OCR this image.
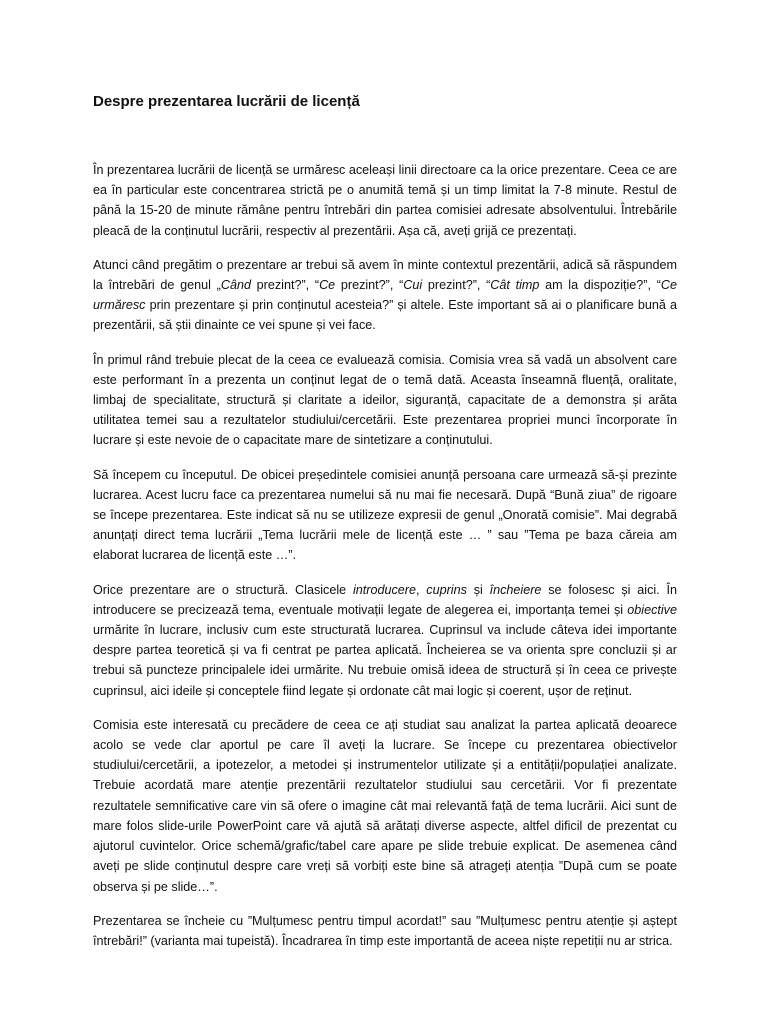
Despre prezentarea lucrării de licență

În prezentarea lucrării de licență se urmăresc aceleași linii directoare ca la orice prezentare. Ceea ce are ea în particular este concentrarea strictă pe o anumită temă și un timp limitat la 7-8 minute. Restul de până la 15-20 de minute rămâne pentru întrebări din partea comisiei adresate absolventului. Întrebările pleacă de la conținutul lucrării, respectiv al prezentării. Așa că, aveți grijă ce prezentați.

Atunci când pregătim o prezentare ar trebui să avem în minte contextul prezentării, adică să răspundem la întrebări de genul „Când prezint?”, “Ce prezint?”, “Cui prezint?”, “Cât timp am la dispoziție?”, “Ce urmăresc prin prezentare și prin conținutul acesteia?” și altele. Este important să ai o planificare bună a prezentării, să știi dinainte ce vei spune și vei face.

În primul rând trebuie plecat de la ceea ce evaluează comisia. Comisia vrea să vadă un absolvent care este performant în a prezenta un conținut legat de o temă dată. Aceasta înseamnă fluență, oralitate, limbaj de specialitate, structură și claritate a ideilor, siguranță, capacitate de a demonstra și arăta utilitatea temei sau a rezultatelor studiului/cercetării. Este prezentarea propriei munci încorporate în lucrare și este nevoie de o capacitate mare de sintetizare a conținutului.

Să începem cu începutul. De obicei președintele comisiei anunță persoana care urmează să-și prezinte lucrarea. Acest lucru face ca prezentarea numelui să nu mai fie necesară. După “Bună ziua” de rigoare se începe prezentarea. Este indicat să nu se utilizeze expresii de genul „Onorată comisie”. Mai degrabă anunțați direct tema lucrării „Tema lucrării mele de licență este … ” sau ”Tema pe baza căreia am elaborat lucrarea de licență este …”.

Orice prezentare are o structură. Clasicele introducere, cuprins și încheiere se folosesc și aici. În introducere se precizează tema, eventuale motivații legate de alegerea ei, importanța temei și obiective urmărite în lucrare, inclusiv cum este structurată lucrarea. Cuprinsul va include câteva idei importante despre partea teoretică și va fi centrat pe partea aplicată. Încheierea se va orienta spre concluzii și ar trebui să puncteze principalele idei urmărite. Nu trebuie omisă ideea de structură și în ceea ce privește cuprinsul, aici ideile și conceptele fiind legate și ordonate cât mai logic și coerent, ușor de reținut.

Comisia este interesată cu precădere de ceea ce ați studiat sau analizat la partea aplicată deoarece acolo se vede clar aportul pe care îl aveți la lucrare. Se începe cu prezentarea obiectivelor studiului/cercetării, a ipotezelor, a metodei și instrumentelor utilizate și a entității/populației analizate. Trebuie acordată mare atenție prezentării rezultatelor studiului sau cercetării. Vor fi prezentate rezultatele semnificative care vin să ofere o imagine cât mai relevantă față de tema lucrării. Aici sunt de mare folos slide-urile PowerPoint care vă ajută să arătați diverse aspecte, altfel dificil de prezentat cu ajutorul cuvintelor. Orice schemă/grafic/tabel care apare pe slide trebuie explicat. De asemenea când aveți pe slide conținutul despre care vreți să vorbiți este bine să atrageți atenția ”După cum se poate observa și pe slide…”.

Prezentarea se încheie cu ”Mulțumesc pentru timpul acordat!” sau ”Mulțumesc pentru atenție și aștept întrebări!” (varianta mai tupeistă). Încadrarea în timp este importantă de aceea niște repetiții nu ar strica.
